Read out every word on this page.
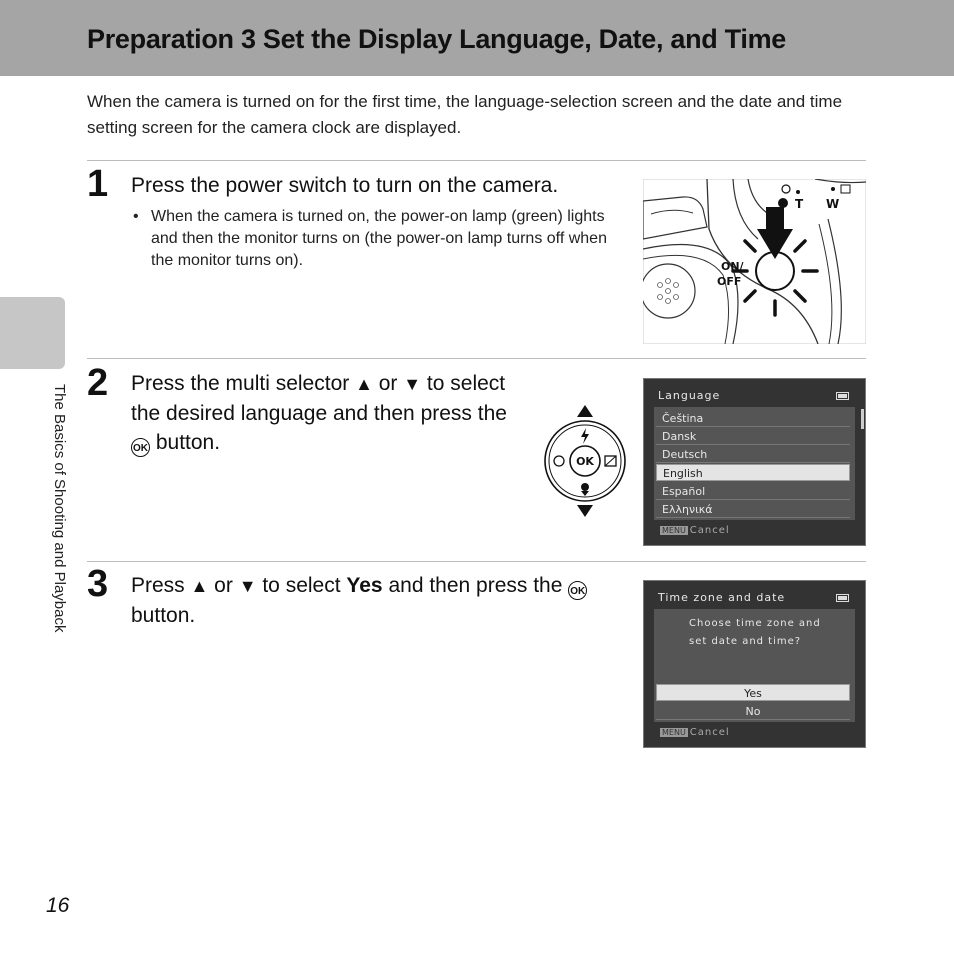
Preparation 3 Set the Display Language, Date, and Time
When the camera is turned on for the first time, the language-selection screen and the date and time setting screen for the camera clock are displayed.
The Basics of Shooting and Playback
1 Press the power switch to turn on the camera.
• When the camera is turned on, the power-on lamp (green) lights and then the monitor turns on (the power-on lamp turns off when the monitor turns on).	ON/
OFF
T W
2 Press the multi selector ▲ or ▼ to select the desired language and then press the OK button.
OK
Language
Čeština
Dansk
Deutsch
English
Español
Ελληνικά
MENU Cancel
3 Press ▲ or ▼ to select Yes and then press the OK button.
Time zone and date
Choose time zone and
set date and time?
Yes
No
MENU Cancel
16
